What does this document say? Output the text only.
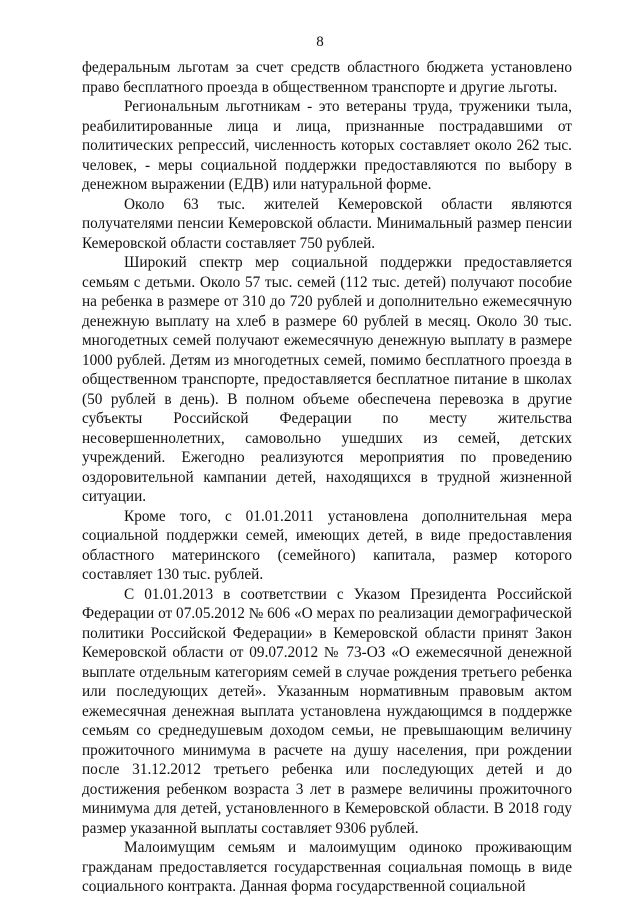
8

федеральным льготам за счет средств областного бюджета установлено право бесплатного проезда в общественном транспорте и другие льготы.

Региональным льготникам - это ветераны труда, труженики тыла, реабилитированные лица и лица, признанные пострадавшими от политических репрессий, численность которых составляет около 262 тыс. человек, - меры социальной поддержки предоставляются по выбору в денежном выражении (ЕДВ) или натуральной форме.

Около 63 тыс. жителей Кемеровской области являются получателями пенсии Кемеровской области. Минимальный размер пенсии Кемеровской области составляет 750 рублей.

Широкий спектр мер социальной поддержки предоставляется семьям с детьми. Около 57 тыс. семей (112 тыс. детей) получают пособие на ребенка в размере от 310 до 720 рублей и дополнительно ежемесячную денежную выплату на хлеб в размере 60 рублей в месяц. Около 30 тыс. многодетных семей получают ежемесячную денежную выплату в размере 1000 рублей. Детям из многодетных семей, помимо бесплатного проезда в общественном транспорте, предоставляется бесплатное питание в школах (50 рублей в день). В полном объеме обеспечена перевозка в другие субъекты Российской Федерации по месту жительства несовершеннолетних, самовольно ушедших из семей, детских учреждений. Ежегодно реализуются мероприятия по проведению оздоровительной кампании детей, находящихся в трудной жизненной ситуации.

Кроме того, с 01.01.2011 установлена дополнительная мера социальной поддержки семей, имеющих детей, в виде предоставления областного материнского (семейного) капитала, размер которого составляет 130 тыс. рублей.

С 01.01.2013 в соответствии с Указом Президента Российской Федерации от 07.05.2012 № 606 «О мерах по реализации демографической политики Российской Федерации» в Кемеровской области принят Закон Кемеровской области от 09.07.2012 № 73-ОЗ «О ежемесячной денежной выплате отдельным категориям семей в случае рождения третьего ребенка или последующих детей». Указанным нормативным правовым актом ежемесячная денежная выплата установлена нуждающимся в поддержке семьям со среднедушевым доходом семьи, не превышающим величину прожиточного минимума в расчете на душу населения, при рождении после 31.12.2012 третьего ребенка или последующих детей и до достижения ребенком возраста 3 лет в размере величины прожиточного минимума для детей, установленного в Кемеровской области. В 2018 году размер указанной выплаты составляет 9306 рублей.

Малоимущим семьям и малоимущим одиноко проживающим гражданам предоставляется государственная социальная помощь в виде социального контракта. Данная форма государственной социальной
